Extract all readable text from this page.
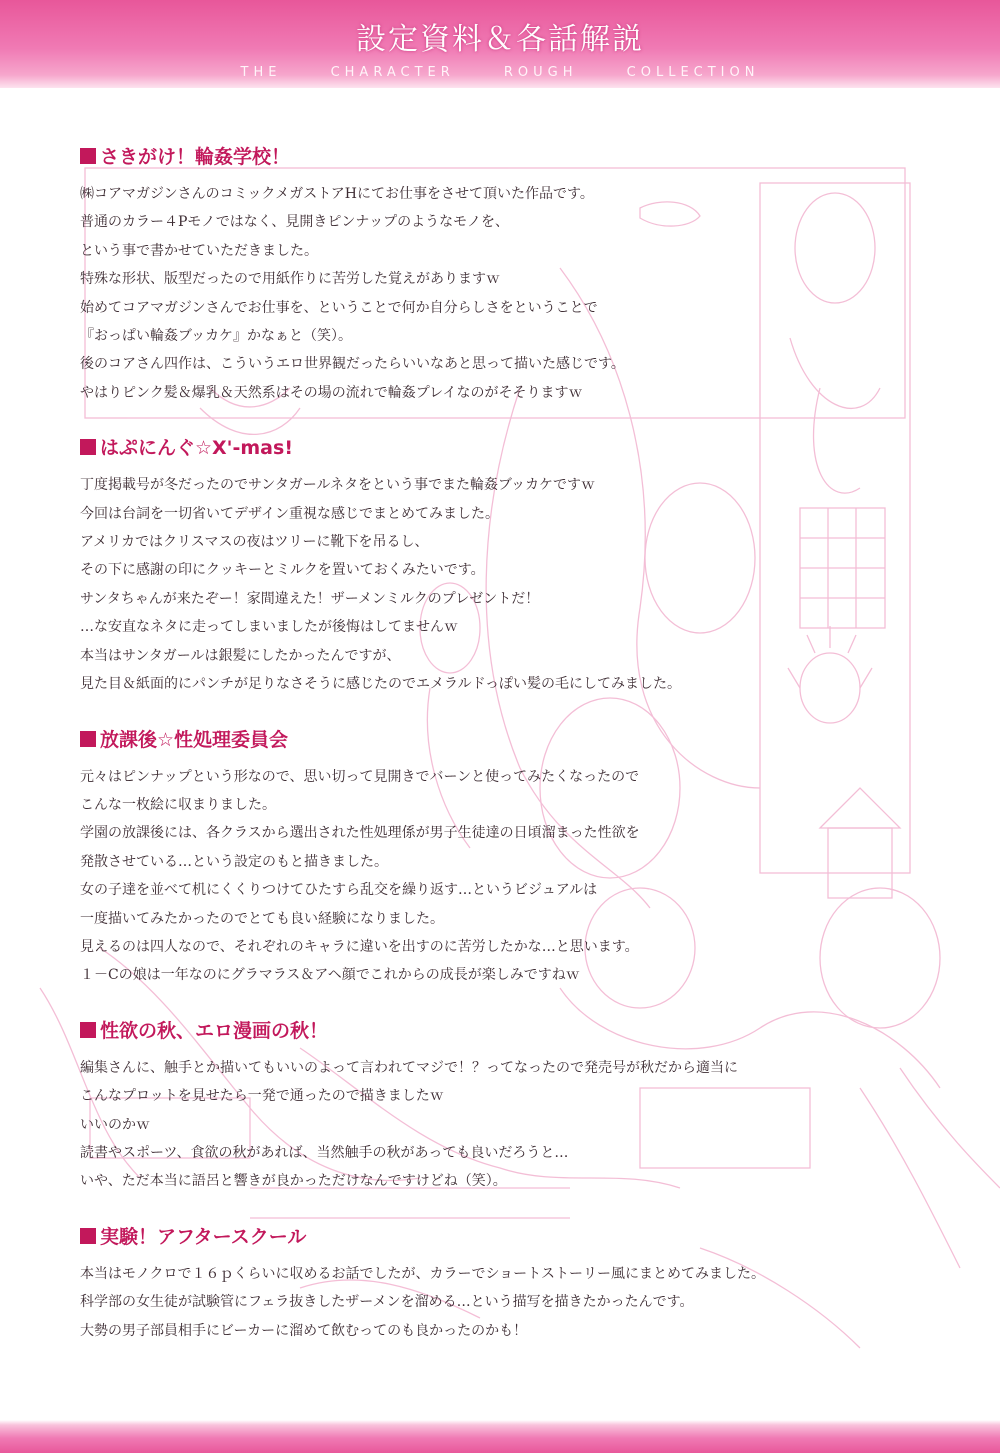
設定資料＆各話解説
THE CHARACTER ROUGH COLLECTION
さきがけ！輪姦学校！
㈱コアマガジンさんのコミックメガストアHにてお仕事をさせて頂いた作品です。
普通のカラー４Pモノではなく、見開きピンナップのようなモノを、
という事で書かせていただきました。
特殊な形状、版型だったので用紙作りに苦労した覚えがありますｗ
始めてコアマガジンさんでお仕事を、ということで何か自分らしさをということで
『おっぱい輪姦ブッカケ』かなぁと（笑）。
後のコアさん四作は、こういうエロ世界観だったらいいなあと思って描いた感じです。
やはりピンク髪＆爆乳＆天然系はその場の流れで輪姦プレイなのがそそりますｗ
はぷにんぐ☆X'-mas!
丁度掲載号が冬だったのでサンタガールネタをという事でまた輪姦ブッカケですｗ
今回は台詞を一切省いてデザイン重視な感じでまとめてみました。
アメリカではクリスマスの夜はツリーに靴下を吊るし、
その下に感謝の印にクッキーとミルクを置いておくみたいです。
サンタちゃんが来たぞー！家間違えた！ザーメンミルクのプレゼントだ！
…な安直なネタに走ってしまいましたが後悔はしてませんｗ
本当はサンタガールは銀髪にしたかったんですが、
見た目＆紙面的にパンチが足りなさそうに感じたのでエメラルドっぽい髪の毛にしてみました。
放課後☆性処理委員会
元々はピンナップという形なので、思い切って見開きでバーンと使ってみたくなったので
こんな一枚絵に収まりました。
学園の放課後には、各クラスから選出された性処理係が男子生徒達の日頃溜まった性欲を
発散させている…という設定のもと描きました。
女の子達を並べて机にくくりつけてひたすら乱交を繰り返す…というビジュアルは
一度描いてみたかったのでとても良い経験になりました。
見えるのは四人なので、それぞれのキャラに違いを出すのに苦労したかな…と思います。
１－Cの娘は一年なのにグラマラス＆アヘ顔でこれからの成長が楽しみですねｗ
性欲の秋、エロ漫画の秋！
編集さんに、触手とか描いてもいいのよって言われてマジで！？ってなったので発売号が秋だから適当に
こんなプロットを見せたら一発で通ったので描きましたｗ
いいのかｗ
読書やスポーツ、食欲の秋があれば、当然触手の秋があっても良いだろうと…
いや、ただ本当に語呂と響きが良かっただけなんですけどね（笑）。
実験！アフタースクール
本当はモノクロで１６ｐくらいに収めるお話でしたが、カラーでショートストーリー風にまとめてみました。
科学部の女生徒が試験管にフェラ抜きしたザーメンを溜める…という描写を描きたかったんです。
大勢の男子部員相手にビーカーに溜めて飲むってのも良かったのかも！
